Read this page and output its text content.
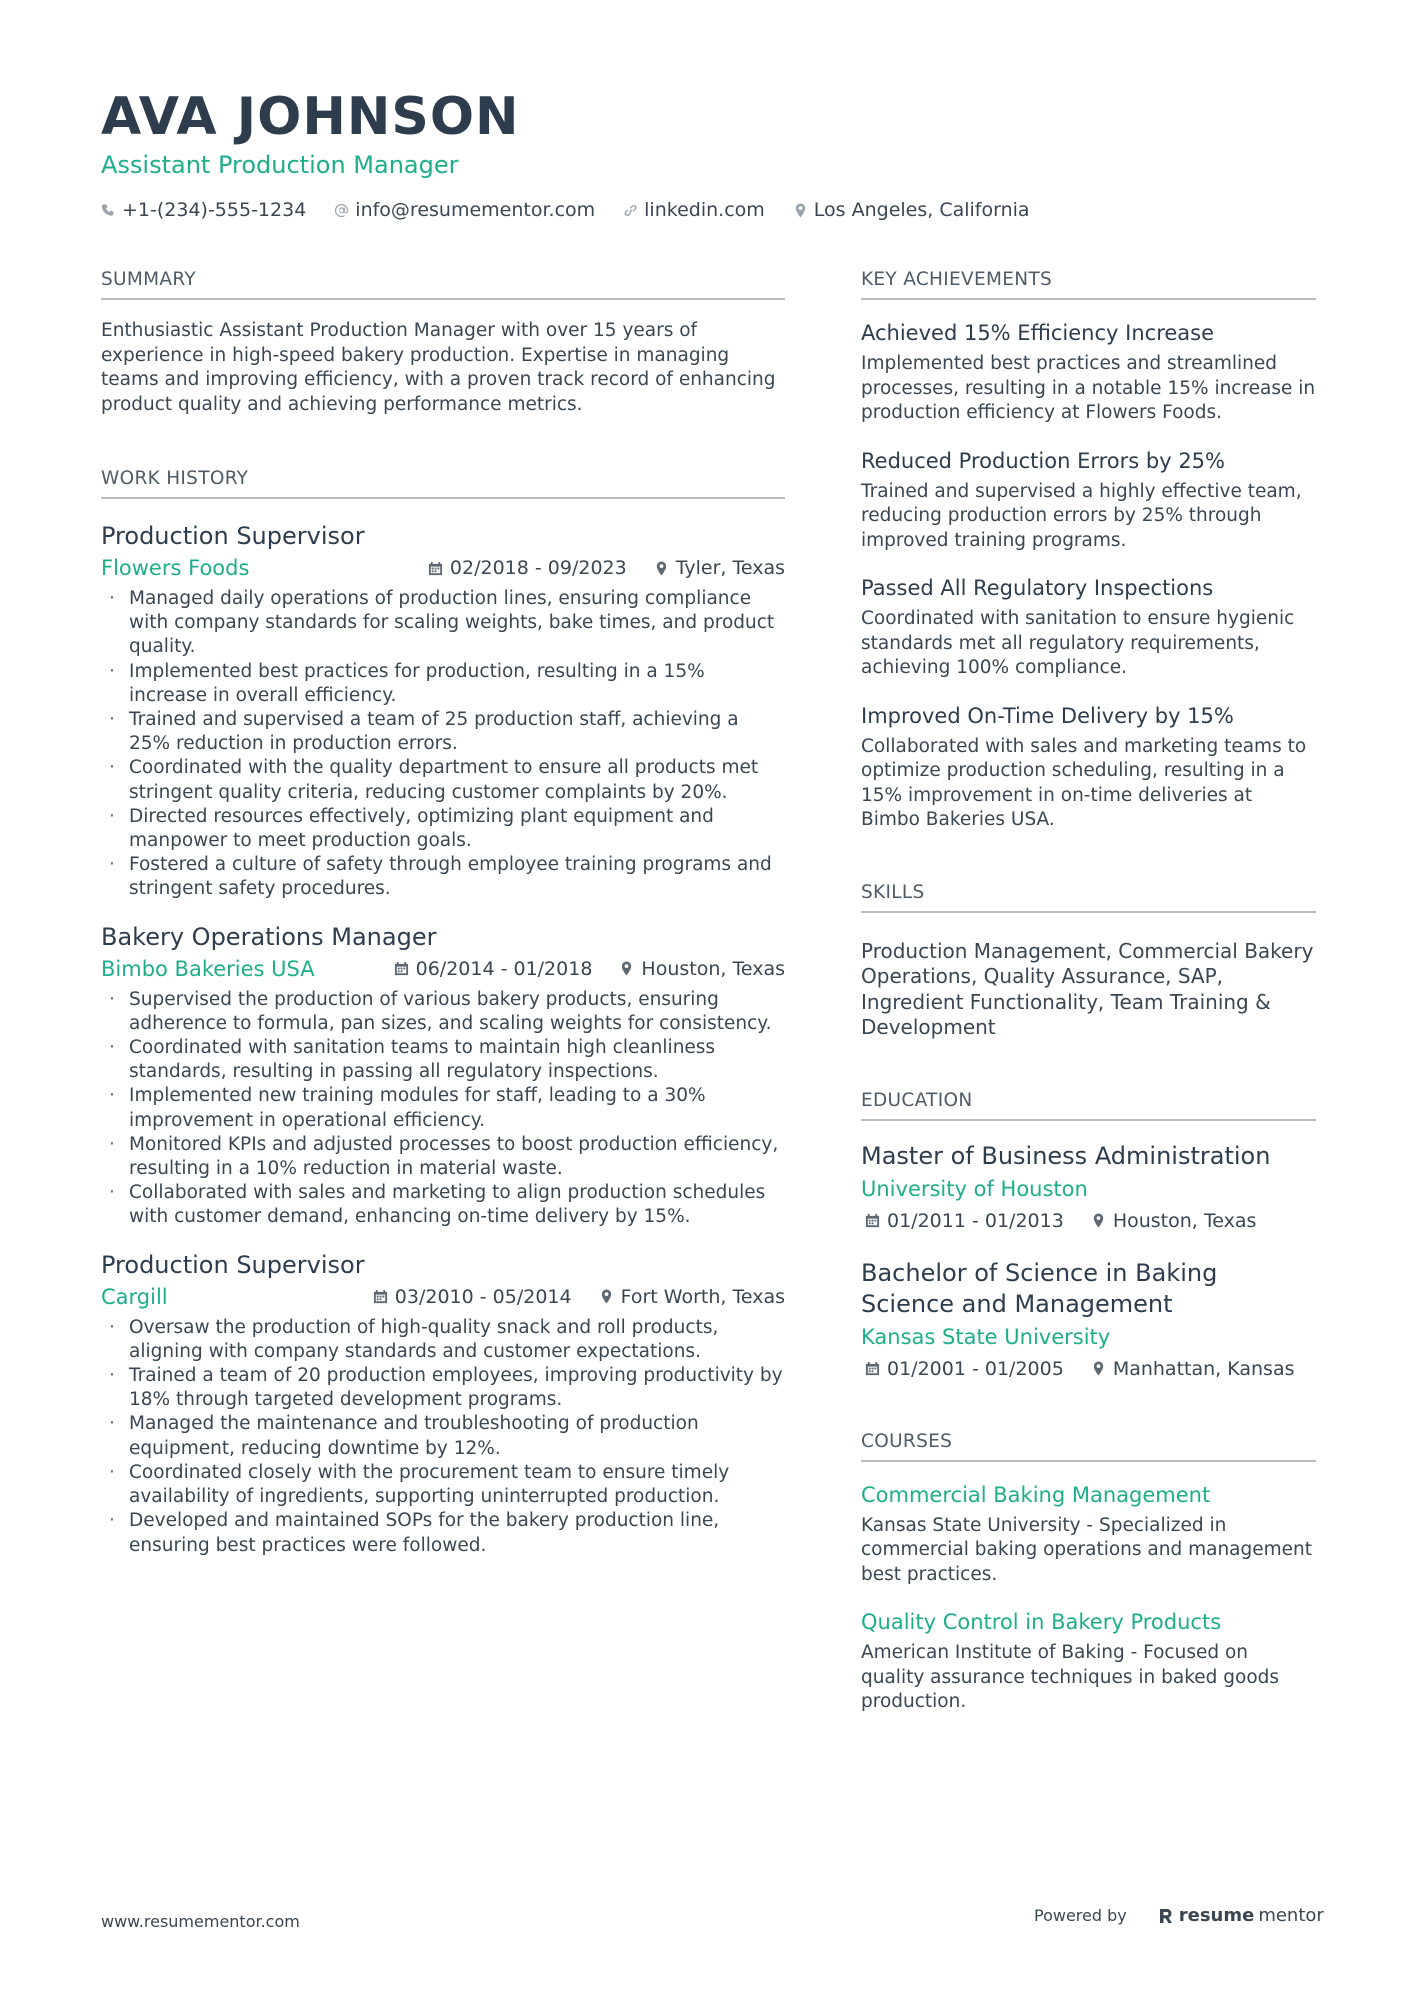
AVA JOHNSON
Assistant Production Manager
+1-(234)-555-1234	info@resumementor.com	linkedin.com	Los Angeles, California
SUMMARY
Enthusiastic Assistant Production Manager with over 15 years of experience in high-speed bakery production. Expertise in managing teams and improving efficiency, with a proven track record of enhancing product quality and achieving performance metrics.
WORK HISTORY
Production Supervisor
Flowers Foods	02/2018 - 09/2023	Tyler, Texas
· Managed daily operations of production lines, ensuring compliance with company standards for scaling weights, bake times, and product quality.
· Implemented best practices for production, resulting in a 15% increase in overall efficiency.
· Trained and supervised a team of 25 production staff, achieving a 25% reduction in production errors.
· Coordinated with the quality department to ensure all products met stringent quality criteria, reducing customer complaints by 20%.
· Directed resources effectively, optimizing plant equipment and manpower to meet production goals.
· Fostered a culture of safety through employee training programs and stringent safety procedures.
Bakery Operations Manager
Bimbo Bakeries USA	06/2014 - 01/2018	Houston, Texas
· Supervised the production of various bakery products, ensuring adherence to formula, pan sizes, and scaling weights for consistency.
· Coordinated with sanitation teams to maintain high cleanliness standards, resulting in passing all regulatory inspections.
· Implemented new training modules for staff, leading to a 30% improvement in operational efficiency.
· Monitored KPIs and adjusted processes to boost production efficiency, resulting in a 10% reduction in material waste.
· Collaborated with sales and marketing to align production schedules with customer demand, enhancing on-time delivery by 15%.
Production Supervisor
Cargill	03/2010 - 05/2014	Fort Worth, Texas
· Oversaw the production of high-quality snack and roll products, aligning with company standards and customer expectations.
· Trained a team of 20 production employees, improving productivity by 18% through targeted development programs.
· Managed the maintenance and troubleshooting of production equipment, reducing downtime by 12%.
· Coordinated closely with the procurement team to ensure timely availability of ingredients, supporting uninterrupted production.
· Developed and maintained SOPs for the bakery production line, ensuring best practices were followed.
KEY ACHIEVEMENTS
Achieved 15% Efficiency Increase
Implemented best practices and streamlined processes, resulting in a notable 15% increase in production efficiency at Flowers Foods.
Reduced Production Errors by 25%
Trained and supervised a highly effective team, reducing production errors by 25% through improved training programs.
Passed All Regulatory Inspections
Coordinated with sanitation to ensure hygienic standards met all regulatory requirements, achieving 100% compliance.
Improved On-Time Delivery by 15%
Collaborated with sales and marketing teams to optimize production scheduling, resulting in a 15% improvement in on-time deliveries at Bimbo Bakeries USA.
SKILLS
Production Management, Commercial Bakery Operations, Quality Assurance, SAP, Ingredient Functionality, Team Training & Development
EDUCATION
Master of Business Administration
University of Houston
01/2011 - 01/2013	Houston, Texas
Bachelor of Science in Baking Science and Management
Kansas State University
01/2001 - 01/2005	Manhattan, Kansas
COURSES
Commercial Baking Management
Kansas State University - Specialized in commercial baking operations and management best practices.
Quality Control in Bakery Products
American Institute of Baking - Focused on quality assurance techniques in baked goods production.
www.resumementor.com	Powered by	resume mentor
